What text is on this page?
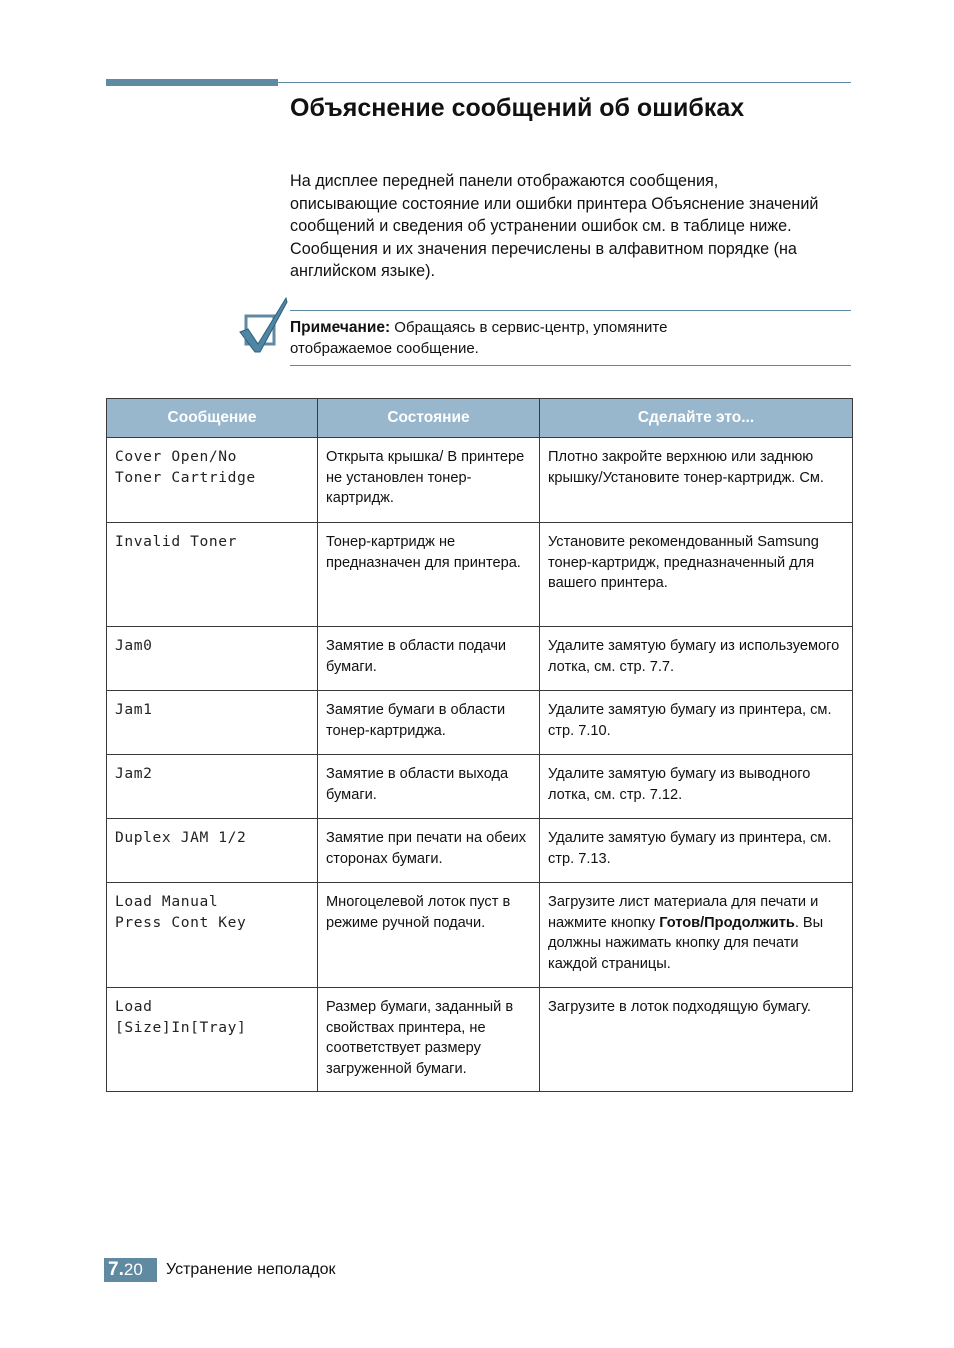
Объяснение сообщений об ошибках

На дисплее передней панели отображаются сообщения, описывающие состояние или ошибки принтера Объяснение значений сообщений и сведения об устранении ошибок см. в таблице ниже. Сообщения и их значения перечислены в алфавитном порядке (на английском языке).

Примечание: Обращаясь в сервис-центр, упомяните отображаемое сообщение.

Сообщение	Состояние	Сделайте это...

Cover Open/No
Toner Cartridge	Открыта крышка/ В принтере не установлен тонер-картридж.	Плотно закройте верхнюю или заднюю крышку/Установите тонер-картридж. См.

Invalid Toner	Тонер-картридж не предназначен для принтера.	Установите рекомендованный Samsung тонер-картридж, предназначенный для вашего принтера.

Jam0	Замятие в области подачи бумаги.	Удалите замятую бумагу из используемого лотка, см. стр. 7.7.

Jam1	Замятие бумаги в области тонер-картриджа.	Удалите замятую бумагу из принтера, см. стр. 7.10.

Jam2	Замятие в области выхода бумаги.	Удалите замятую бумагу из выводного лотка, см. стр. 7.12.

Duplex JAM 1/2	Замятие при печати на обеих сторонах бумаги.	Удалите замятую бумагу из принтера, см. стр. 7.13.

Load Manual
Press Cont Key	Многоцелевой лоток пуст в режиме ручной подачи.	Загрузите лист материала для печати и нажмите кнопку Готов/Продолжить. Вы должны нажимать кнопку для печати каждой страницы.

Load
[Size]In[Tray]	Размер бумаги, заданный в свойствах принтера, не соответствует размеру загруженной бумаги.	Загрузите в лоток подходящую бумагу.
7.20	Устранение неполадок
